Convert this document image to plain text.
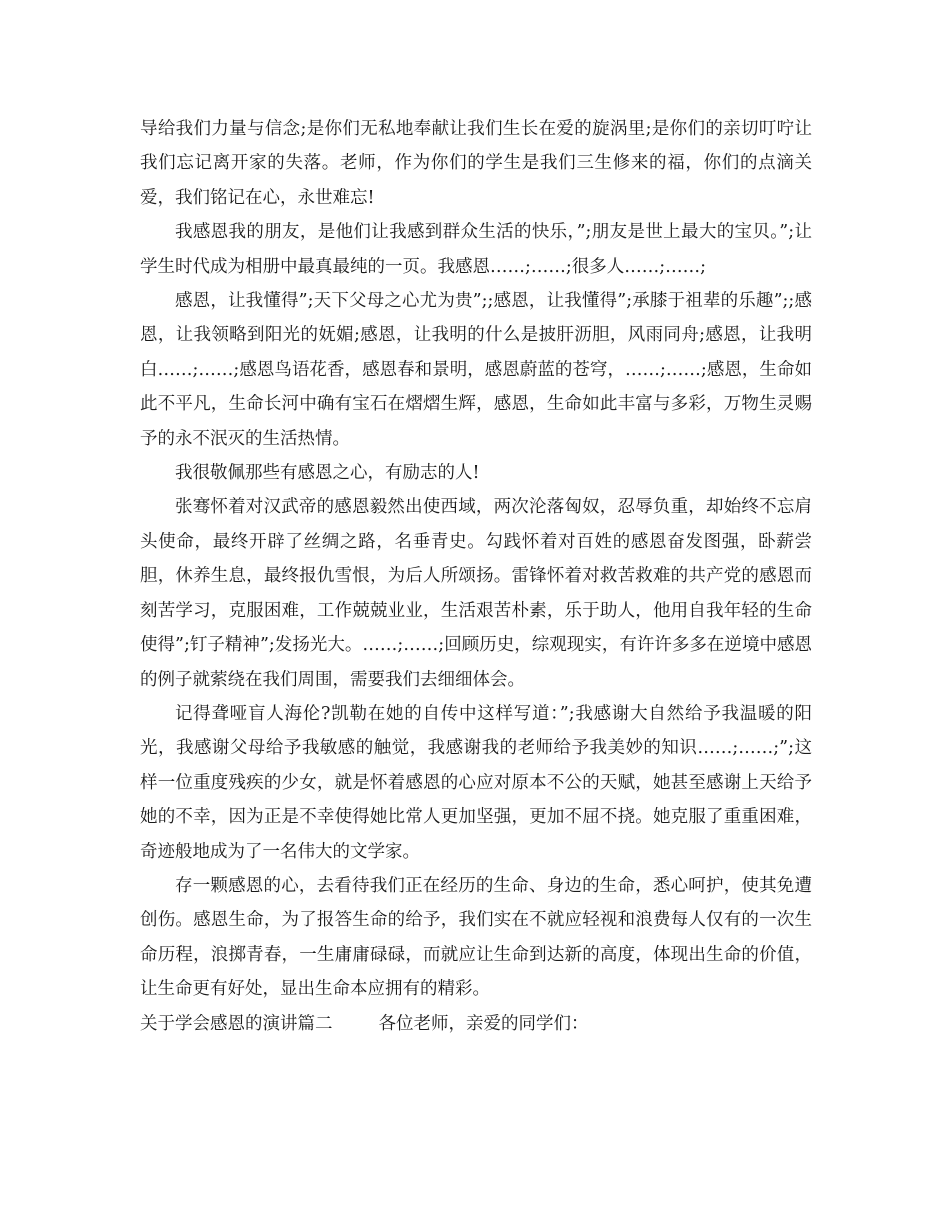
导给我们力量与信念;是你们无私地奉献让我们生长在爱的旋涡里;是你们的亲切叮咛让我们忘记离开家的失落。老师，作为你们的学生是我们三生修来的福，你们的点滴关爱，我们铭记在心，永世难忘!

我感恩我的朋友，是他们让我感到群众生活的快乐，”;朋友是世上最大的宝贝。”;让学生时代成为相册中最真最纯的一页。我感恩……;……;很多人……;……;

感恩，让我懂得”;天下父母之心尤为贵”;;感恩，让我懂得”;承膝于祖辈的乐趣”;;感恩，让我领略到阳光的妩媚;感恩，让我明的什么是披肝沥胆，风雨同舟;感恩，让我明白……;……;感恩鸟语花香，感恩春和景明，感恩蔚蓝的苍穹，……;……;感恩，生命如此不平凡，生命长河中确有宝石在熠熠生辉，感恩，生命如此丰富与多彩，万物生灵赐予的永不泯灭的生活热情。

我很敬佩那些有感恩之心，有励志的人!

张骞怀着对汉武帝的感恩毅然出使西域，两次沦落匈奴，忍辱负重，却始终不忘肩头使命，最终开辟了丝绸之路，名垂青史。勾践怀着对百姓的感恩奋发图强，卧薪尝胆，休养生息，最终报仇雪恨，为后人所颂扬。雷锋怀着对救苦救难的共产党的感恩而刻苦学习，克服困难，工作兢兢业业，生活艰苦朴素，乐于助人，他用自我年轻的生命使得”;钉子精神”;发扬光大。……;……;回顾历史，综观现实，有许许多多在逆境中感恩的例子就萦绕在我们周围，需要我们去细细体会。

记得聋哑盲人海伦?凯勒在她的自传中这样写道：”;我感谢大自然给予我温暖的阳光，我感谢父母给予我敏感的触觉，我感谢我的老师给予我美妙的知识……;……;”;这样一位重度残疾的少女，就是怀着感恩的心应对原本不公的天赋，她甚至感谢上天给予她的不幸，因为正是不幸使得她比常人更加坚强，更加不屈不挠。她克服了重重困难，奇迹般地成为了一名伟大的文学家。

存一颗感恩的心，去看待我们正在经历的生命、身边的生命，悉心呵护，使其免遭创伤。感恩生命，为了报答生命的给予，我们实在不就应轻视和浪费每人仅有的一次生命历程，浪掷青春，一生庸庸碌碌，而就应让生命到达新的高度，体现出生命的价值，让生命更有好处，显出生命本应拥有的精彩。

关于学会感恩的演讲篇二	各位老师，亲爱的同学们：
